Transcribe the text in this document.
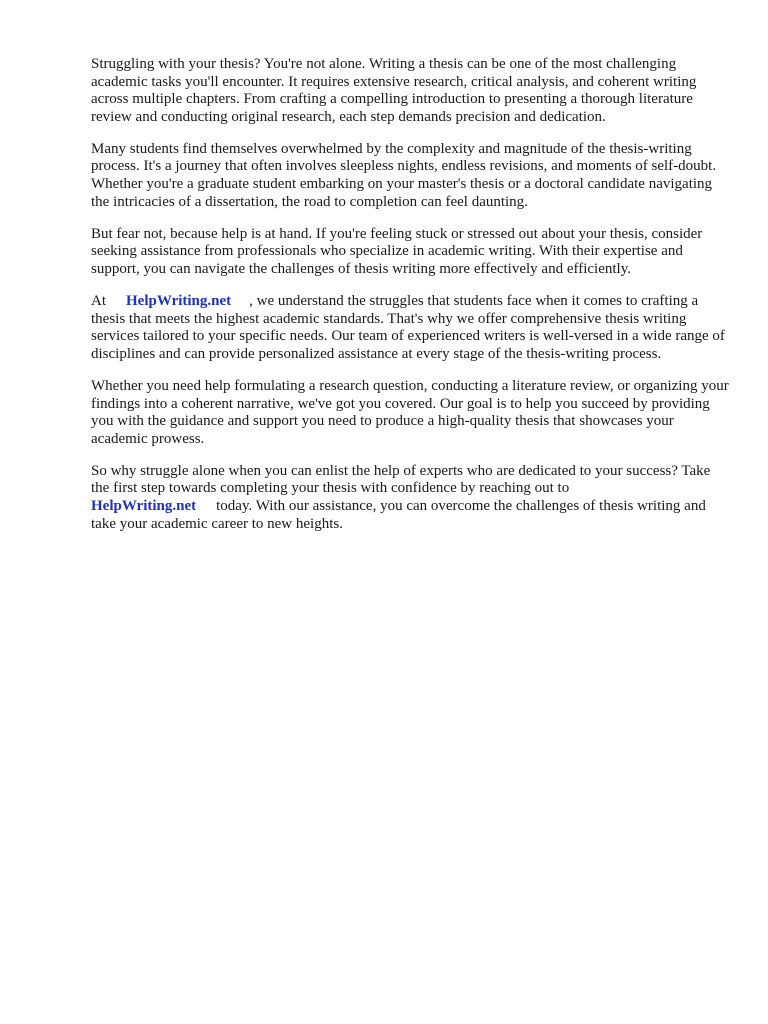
Struggling with your thesis? You're not alone. Writing a thesis can be one of the most challenging academic tasks you'll encounter. It requires extensive research, critical analysis, and coherent writing across multiple chapters. From crafting a compelling introduction to presenting a thorough literature review and conducting original research, each step demands precision and dedication.

Many students find themselves overwhelmed by the complexity and magnitude of the thesis-writing process. It's a journey that often involves sleepless nights, endless revisions, and moments of self-doubt. Whether you're a graduate student embarking on your master's thesis or a doctoral candidate navigating the intricacies of a dissertation, the road to completion can feel daunting.

But fear not, because help is at hand. If you're feeling stuck or stressed out about your thesis, consider seeking assistance from professionals who specialize in academic writing. With their expertise and support, you can navigate the challenges of thesis writing more effectively and efficiently.

At HelpWriting.net , we understand the struggles that students face when it comes to crafting a thesis that meets the highest academic standards. That's why we offer comprehensive thesis writing services tailored to your specific needs. Our team of experienced writers is well-versed in a wide range of disciplines and can provide personalized assistance at every stage of the thesis-writing process.

Whether you need help formulating a research question, conducting a literature review, or organizing your findings into a coherent narrative, we've got you covered. Our goal is to help you succeed by providing you with the guidance and support you need to produce a high-quality thesis that showcases your academic prowess.

So why struggle alone when you can enlist the help of experts who are dedicated to your success? Take the first step towards completing your thesis with confidence by reaching out to HelpWriting.net today. With our assistance, you can overcome the challenges of thesis writing and take your academic career to new heights.
